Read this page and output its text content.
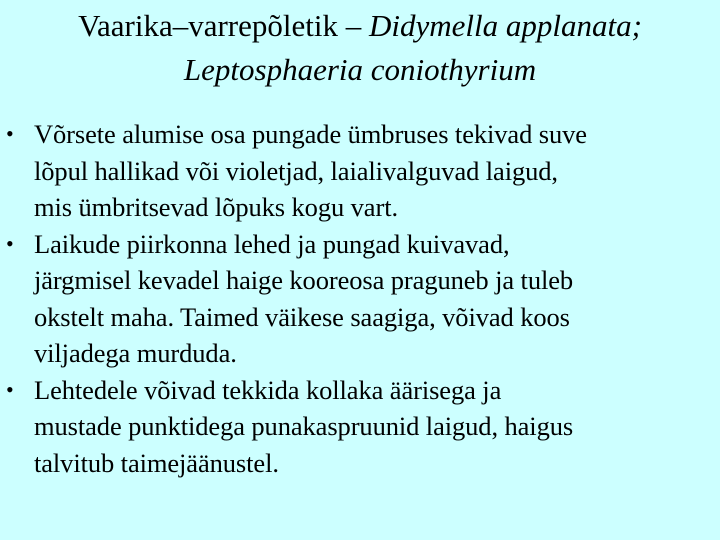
Vaarika–varrepõletik – Didymella applanata;
Leptosphaeria coniothyrium
• Võrsete alumise osa pungade ümbruses tekivad suve
lõpul hallikad või violetjad, laialivalguvad laigud,
mis ümbritsevad lõpuks kogu vart.
• Laikude piirkonna lehed ja pungad kuivavad,
järgmisel kevadel haige kooreosa praguneb ja tuleb
okstelt maha. Taimed väikese saagiga, võivad koos
viljadega murduda.
• Lehtedele võivad tekkida kollaka äärisega ja
mustade punktidega punakaspruunid laigud, haigus
talvitub taimejäänustel.
